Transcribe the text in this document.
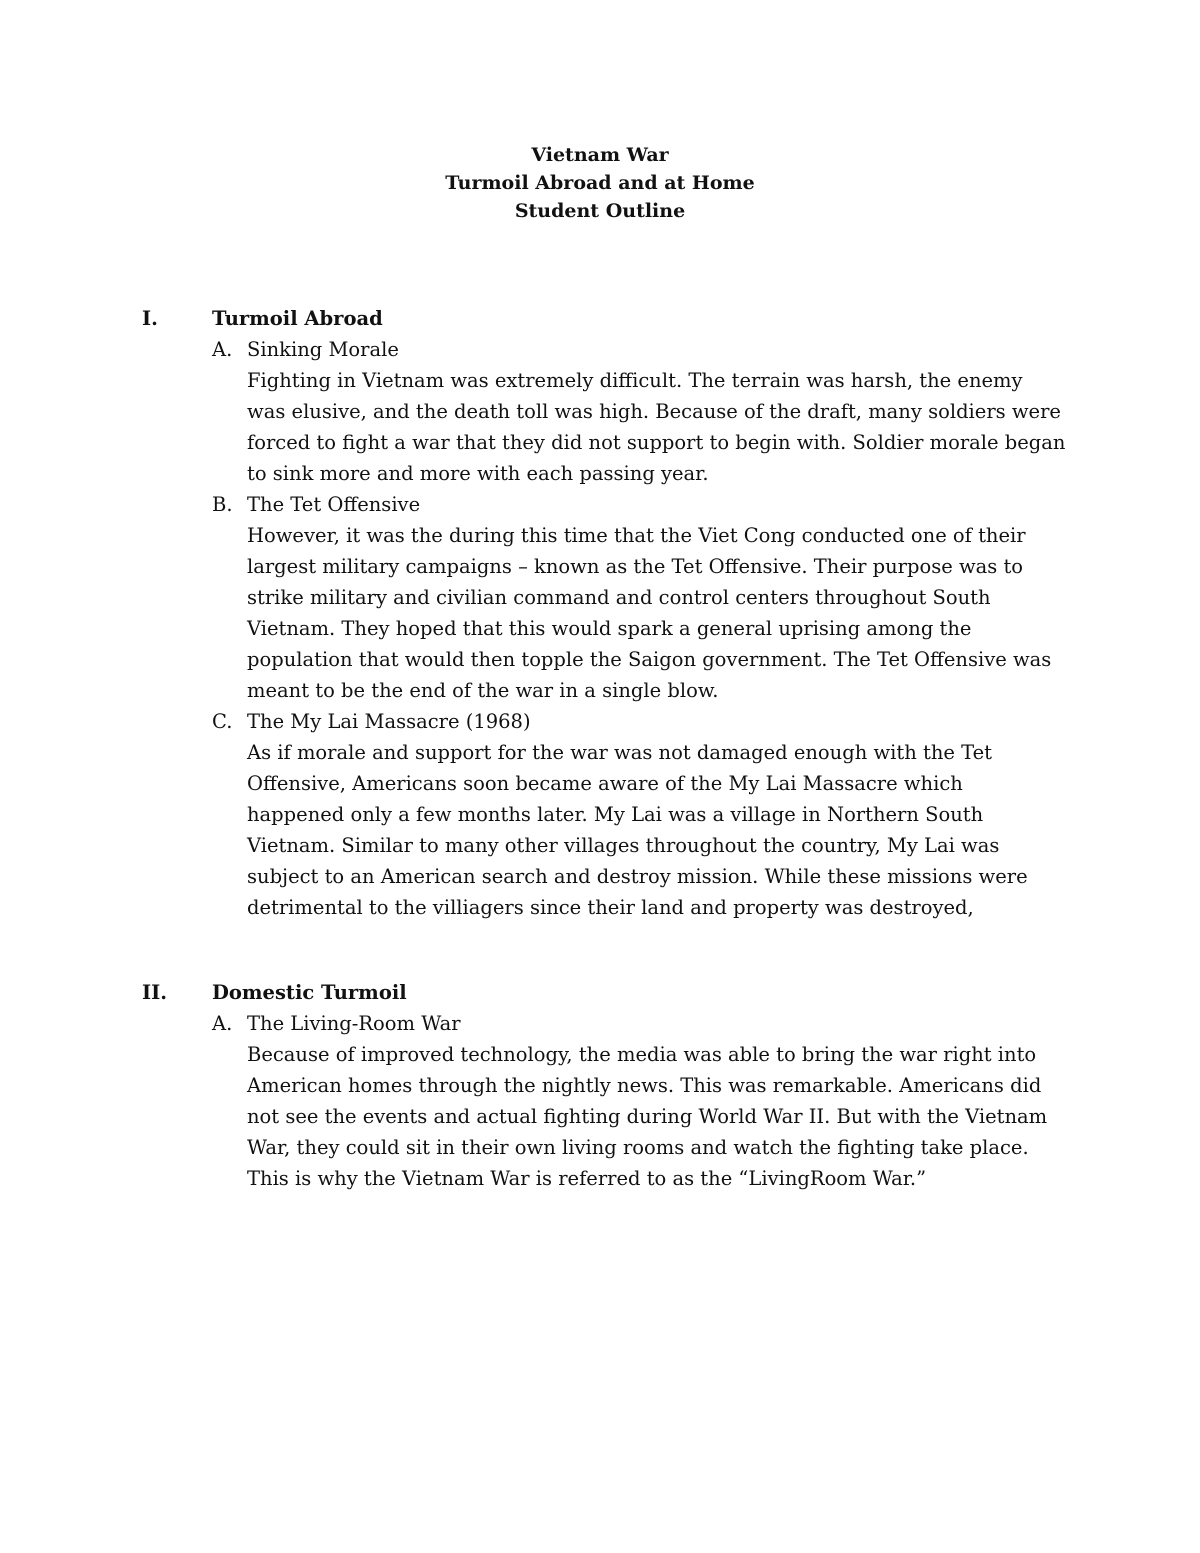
Vietnam War
Turmoil Abroad and at Home
Student Outline
I.	Turmoil Abroad
A. Sinking Morale
Fighting in Vietnam was extremely difficult. The terrain was harsh, the enemy
was elusive, and the death toll was high. Because of the draft, many soldiers were
forced to fight a war that they did not support to begin with. Soldier morale began
to sink more and more with each passing year.
B. The Tet Offensive
However, it was the during this time that the Viet Cong conducted one of their
largest military campaigns – known as the Tet Offensive. Their purpose was to
strike military and civilian command and control centers throughout South
Vietnam. They hoped that this would spark a general uprising among the
population that would then topple the Saigon government. The Tet Offensive was
meant to be the end of the war in a single blow.
C. The My Lai Massacre (1968)
As if morale and support for the war was not damaged enough with the Tet
Offensive, Americans soon became aware of the My Lai Massacre which
happened only a few months later. My Lai was a village in Northern South
Vietnam. Similar to many other villages throughout the country, My Lai was
subject to an American search and destroy mission. While these missions were
detrimental to the villiagers since their land and property was destroyed,
II. Domestic Turmoil
A. The Living-Room War
Because of improved technology, the media was able to bring the war right into
American homes through the nightly news. This was remarkable. Americans did
not see the events and actual fighting during World War II. But with the Vietnam
War, they could sit in their own living rooms and watch the fighting take place.
This is why the Vietnam War is referred to as the “LivingRoom War.”
